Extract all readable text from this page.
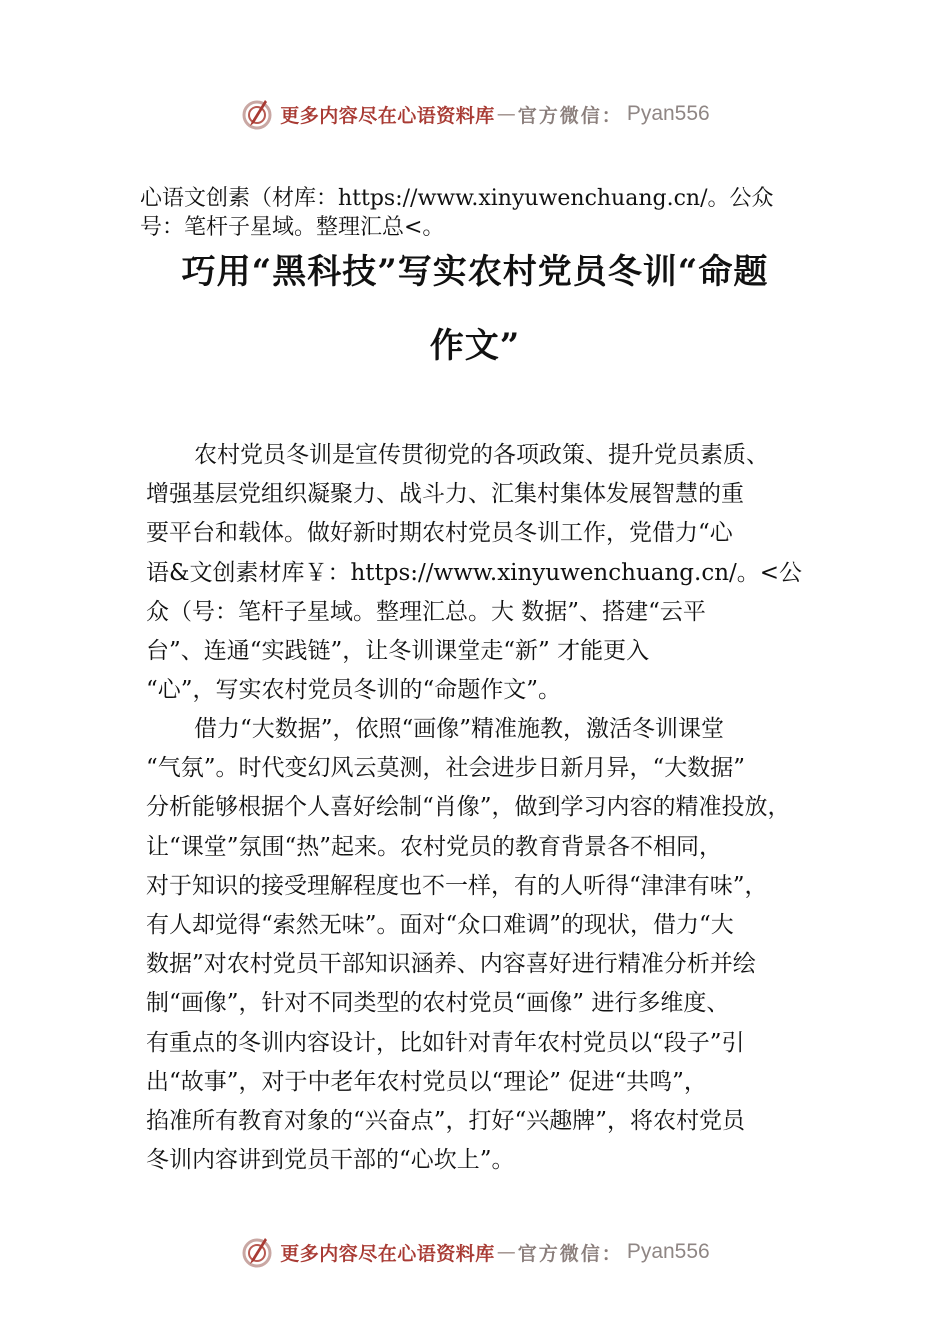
更多内容尽在心语资料库 — 官方微信： Pyan556
心语文创素（材库：https://www.xinyuwenchuang.cn/。公众
号：笔杆子星域。整理汇总<。
巧用“黑科技”写实农村党员冬训“命题
作文”
农村党员冬训是宣传贯彻党的各项政策、提升党员素质、
增强基层党组织凝聚力、战斗力、汇集村集体发展智慧的重
要平台和载体。做好新时期农村党员冬训工作，党借力“心
语&文创素材库￥：https://www.xinyuwenchuang.cn/。<公
众（号：笔杆子星域。整理汇总。大 数据”、搭建“云平
台”、连通“实践链”，让冬训课堂走“新” 才能更入
“心”，写实农村党员冬训的“命题作文”。
借力“大数据”，依照“画像”精准施教，激活冬训课堂
“气氛”。时代变幻风云莫测，社会进步日新月异，“大数据”
分析能够根据个人喜好绘制“肖像”，做到学习内容的精准投放，
让“课堂”氛围“热”起来。农村党员的教育背景各不相同，
对于知识的接受理解程度也不一样，有的人听得“津津有味”，
有人却觉得“索然无味”。面对“众口难调”的现状，借力“大
数据”对农村党员干部知识涵养、内容喜好进行精准分析并绘
制“画像”，针对不同类型的农村党员“画像” 进行多维度、
有重点的冬训内容设计，比如针对青年农村党员以“段子”引
出“故事”，对于中老年农村党员以“理论” 促进“共鸣”，
掐准所有教育对象的“兴奋点”，打好“兴趣牌”，将农村党员
冬训内容讲到党员干部的“心坎上”。
更多内容尽在心语资料库 — 官方微信： Pyan556
